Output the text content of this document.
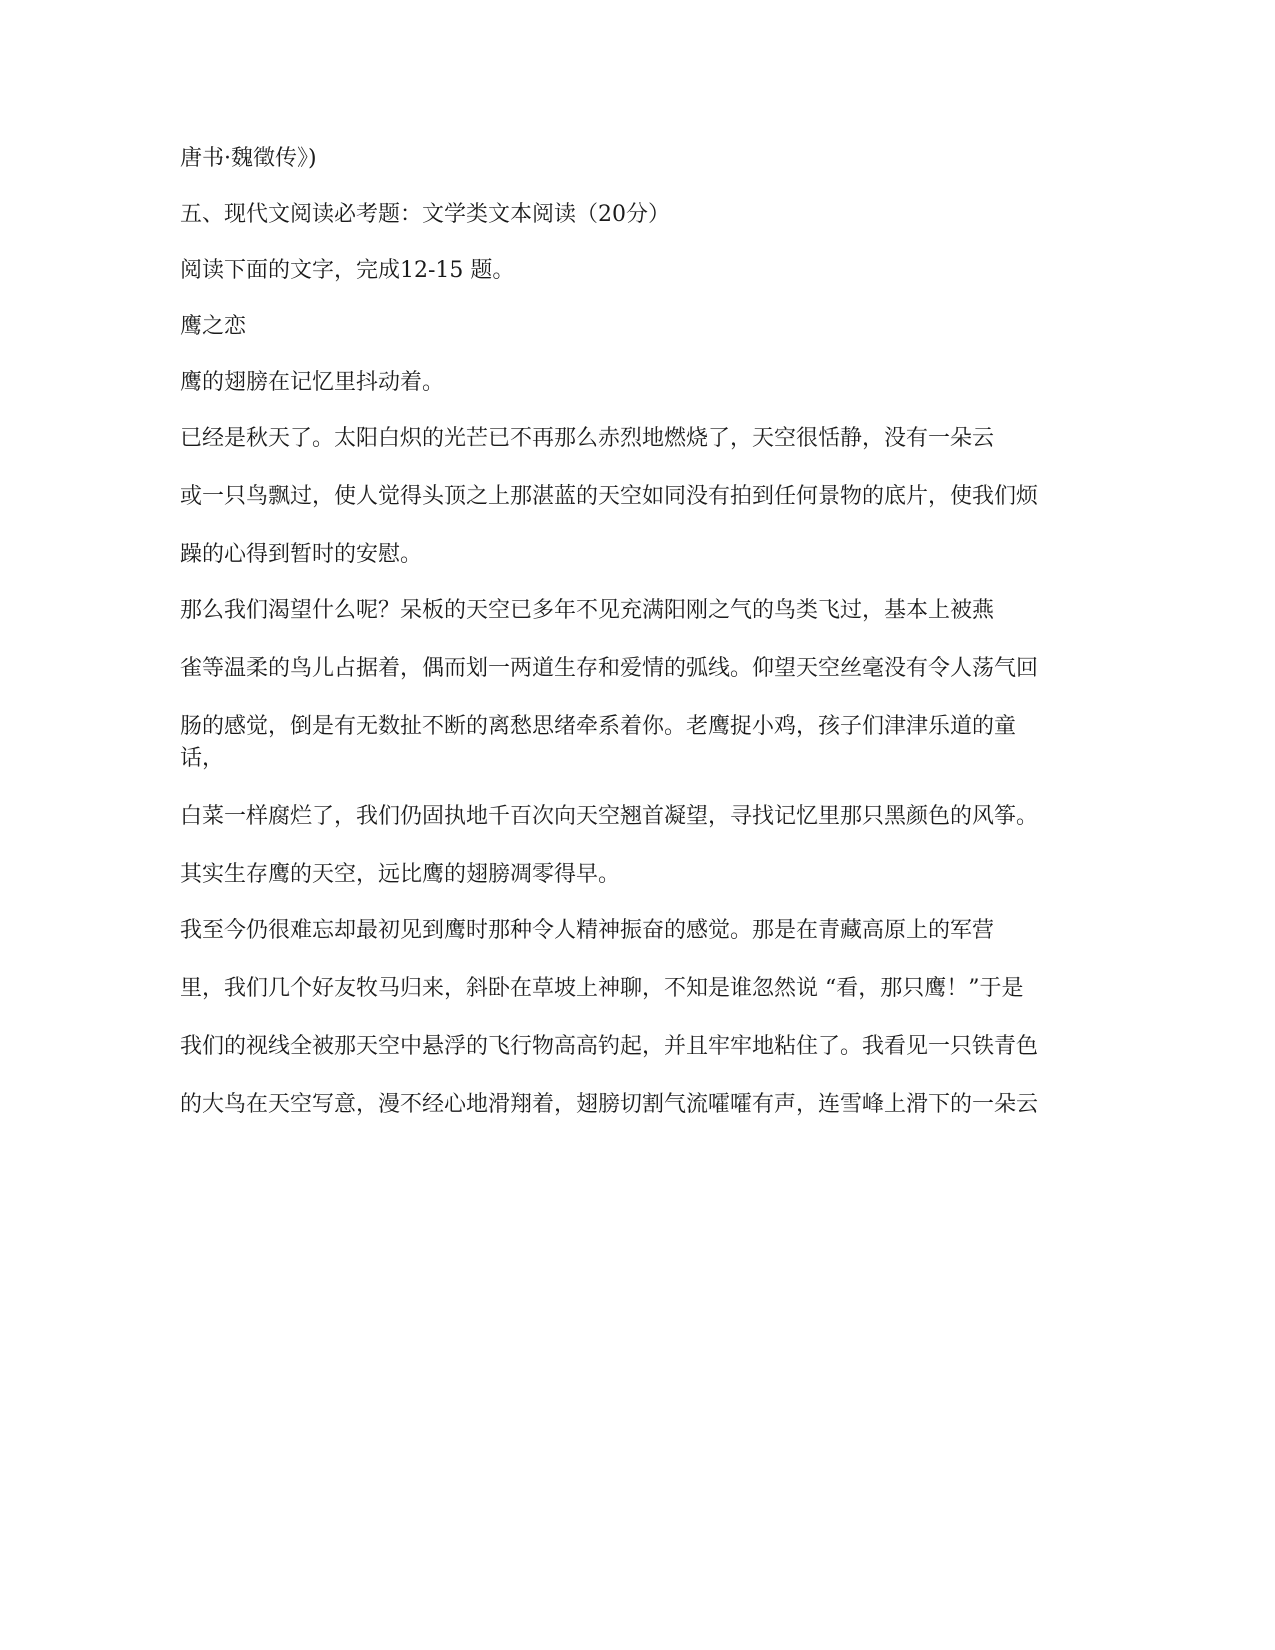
唐书·魏徵传》)

五、现代文阅读必考题：文学类文本阅读（20分）

阅读下面的文字，完成12-15 题。

鹰之恋

鹰的翅膀在记忆里抖动着。

已经是秋天了。太阳白炽的光芒已不再那么赤烈地燃烧了，天空很恬静，没有一朵云

或一只鸟飘过，使人觉得头顶之上那湛蓝的天空如同没有拍到任何景物的底片，使我们烦

躁的心得到暂时的安慰。

那么我们渴望什么呢？呆板的天空已多年不见充满阳刚之气的鸟类飞过，基本上被燕

雀等温柔的鸟儿占据着，偶而划一两道生存和爱情的弧线。仰望天空丝毫没有令人荡气回

肠的感觉，倒是有无数扯不断的离愁思绪牵系着你。老鹰捉小鸡，孩子们津津乐道的童话，

白菜一样腐烂了，我们仍固执地千百次向天空翘首凝望，寻找记忆里那只黑颜色的风筝。

其实生存鹰的天空，远比鹰的翅膀凋零得早。

我至今仍很难忘却最初见到鹰时那种令人精神振奋的感觉。那是在青藏高原上的军营

里，我们几个好友牧马归来，斜卧在草坡上神聊，不知是谁忽然说 “看，那只鹰！”于是

我们的视线全被那天空中悬浮的飞行物高高钓起，并且牢牢地粘住了。我看见一只铁青色

的大鸟在天空写意，漫不经心地滑翔着，翅膀切割气流嚯嚯有声，连雪峰上滑下的一朵云
